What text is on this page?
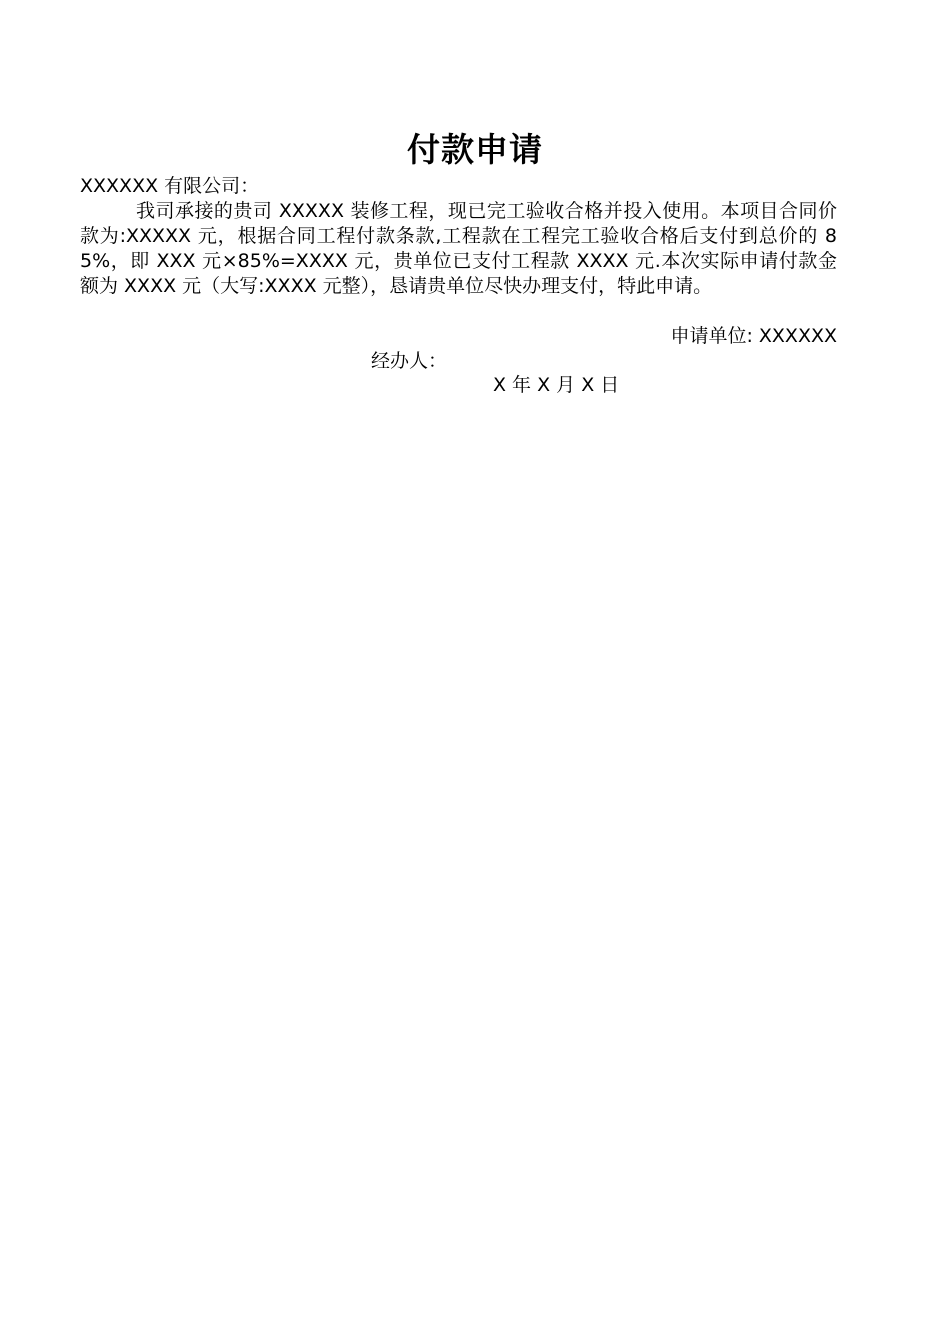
付款申请
XXXXXX 有限公司：
我司承接的贵司 XXXXX 装修工程，现已完工验收合格并投入使用。本项目合同价款为:XXXXX 元，根据合同工程付款条款,工程款在工程完工验收合格后支付到总价的 85%，即 XXX 元×85%=XXXX 元，贵单位已支付工程款 XXXX 元.本次实际申请付款金额为 XXXX 元（大写:XXXX 元整），恳请贵单位尽快办理支付，特此申请。
申请单位: XXXXXX
经办人：
X 年 X 月 X 日
